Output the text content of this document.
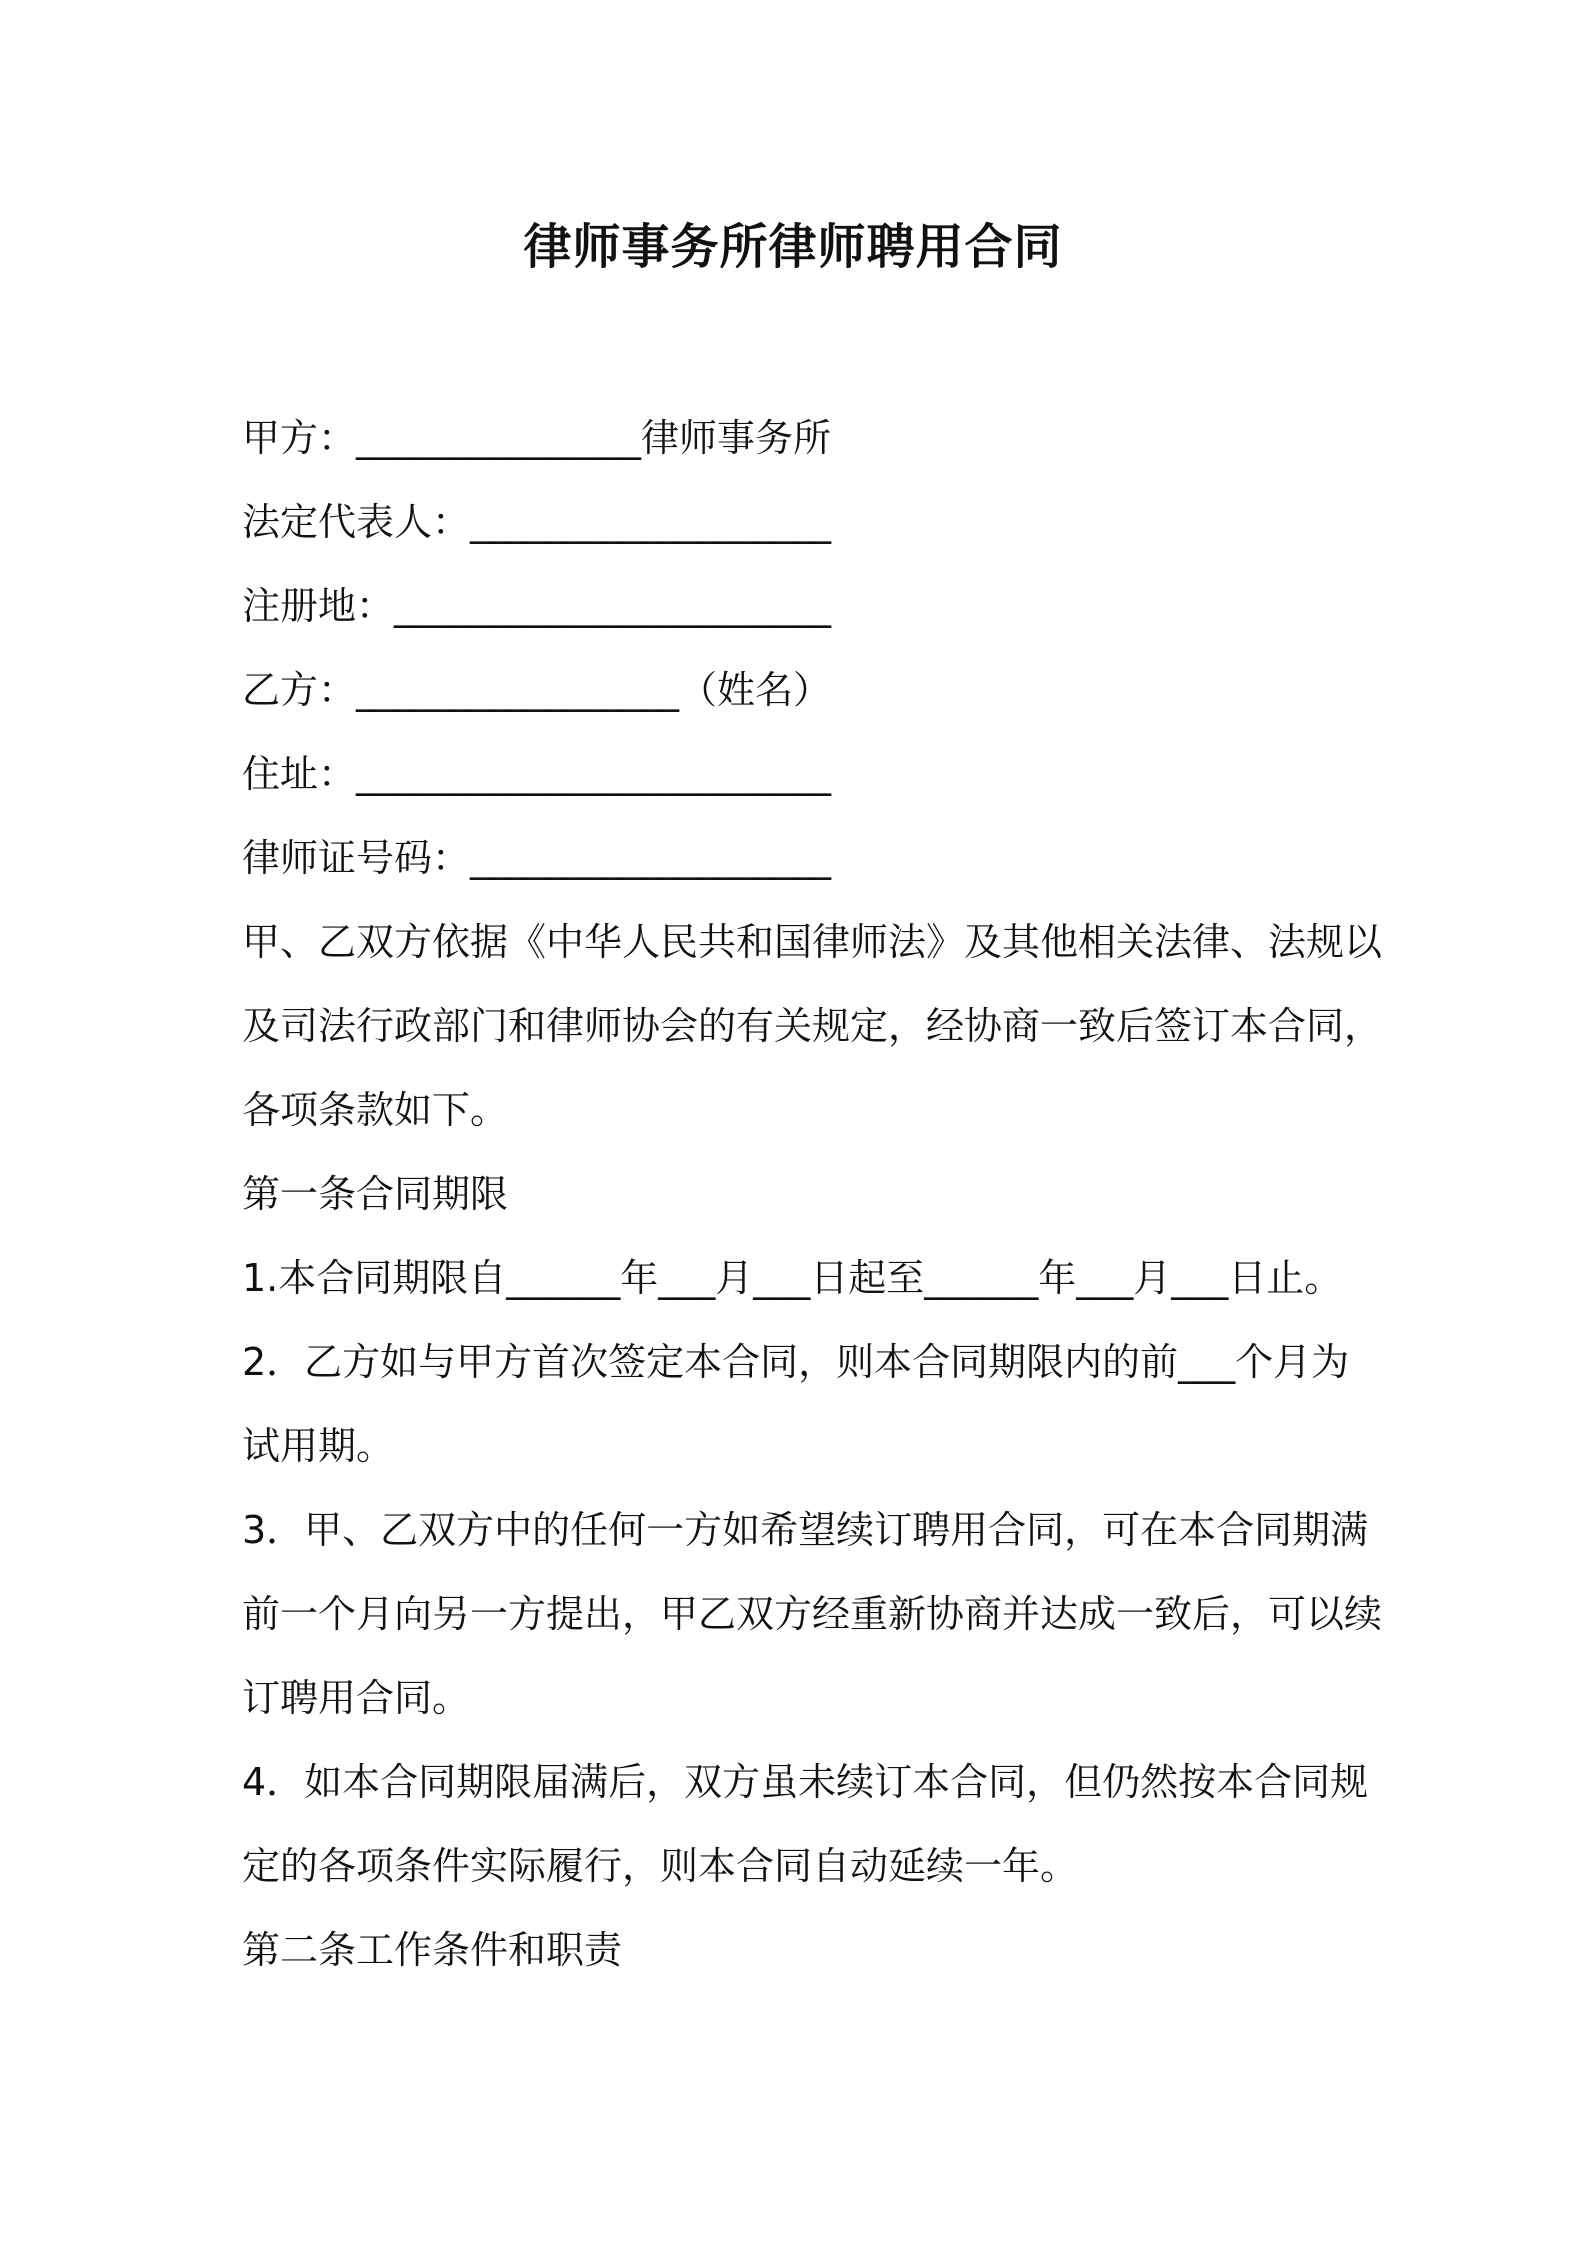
律师事务所律师聘用合同
甲方：_______________律师事务所
法定代表人：___________________
注册地：_______________________
乙方：_________________（姓名）
住址：_________________________
律师证号码：___________________
甲、乙双方依据《中华人民共和国律师法》及其他相关法律、法规以
及司法行政部门和律师协会的有关规定，经协商一致后签订本合同，
各项条款如下。
第一条合同期限
1.本合同期限自______年___月___日起至______年___月___日止。
2．乙方如与甲方首次签定本合同，则本合同期限内的前___个月为
试用期。
3．甲、乙双方中的任何一方如希望续订聘用合同，可在本合同期满
前一个月向另一方提出，甲乙双方经重新协商并达成一致后，可以续
订聘用合同。
4．如本合同期限届满后，双方虽未续订本合同，但仍然按本合同规
定的各项条件实际履行，则本合同自动延续一年。
第二条工作条件和职责
